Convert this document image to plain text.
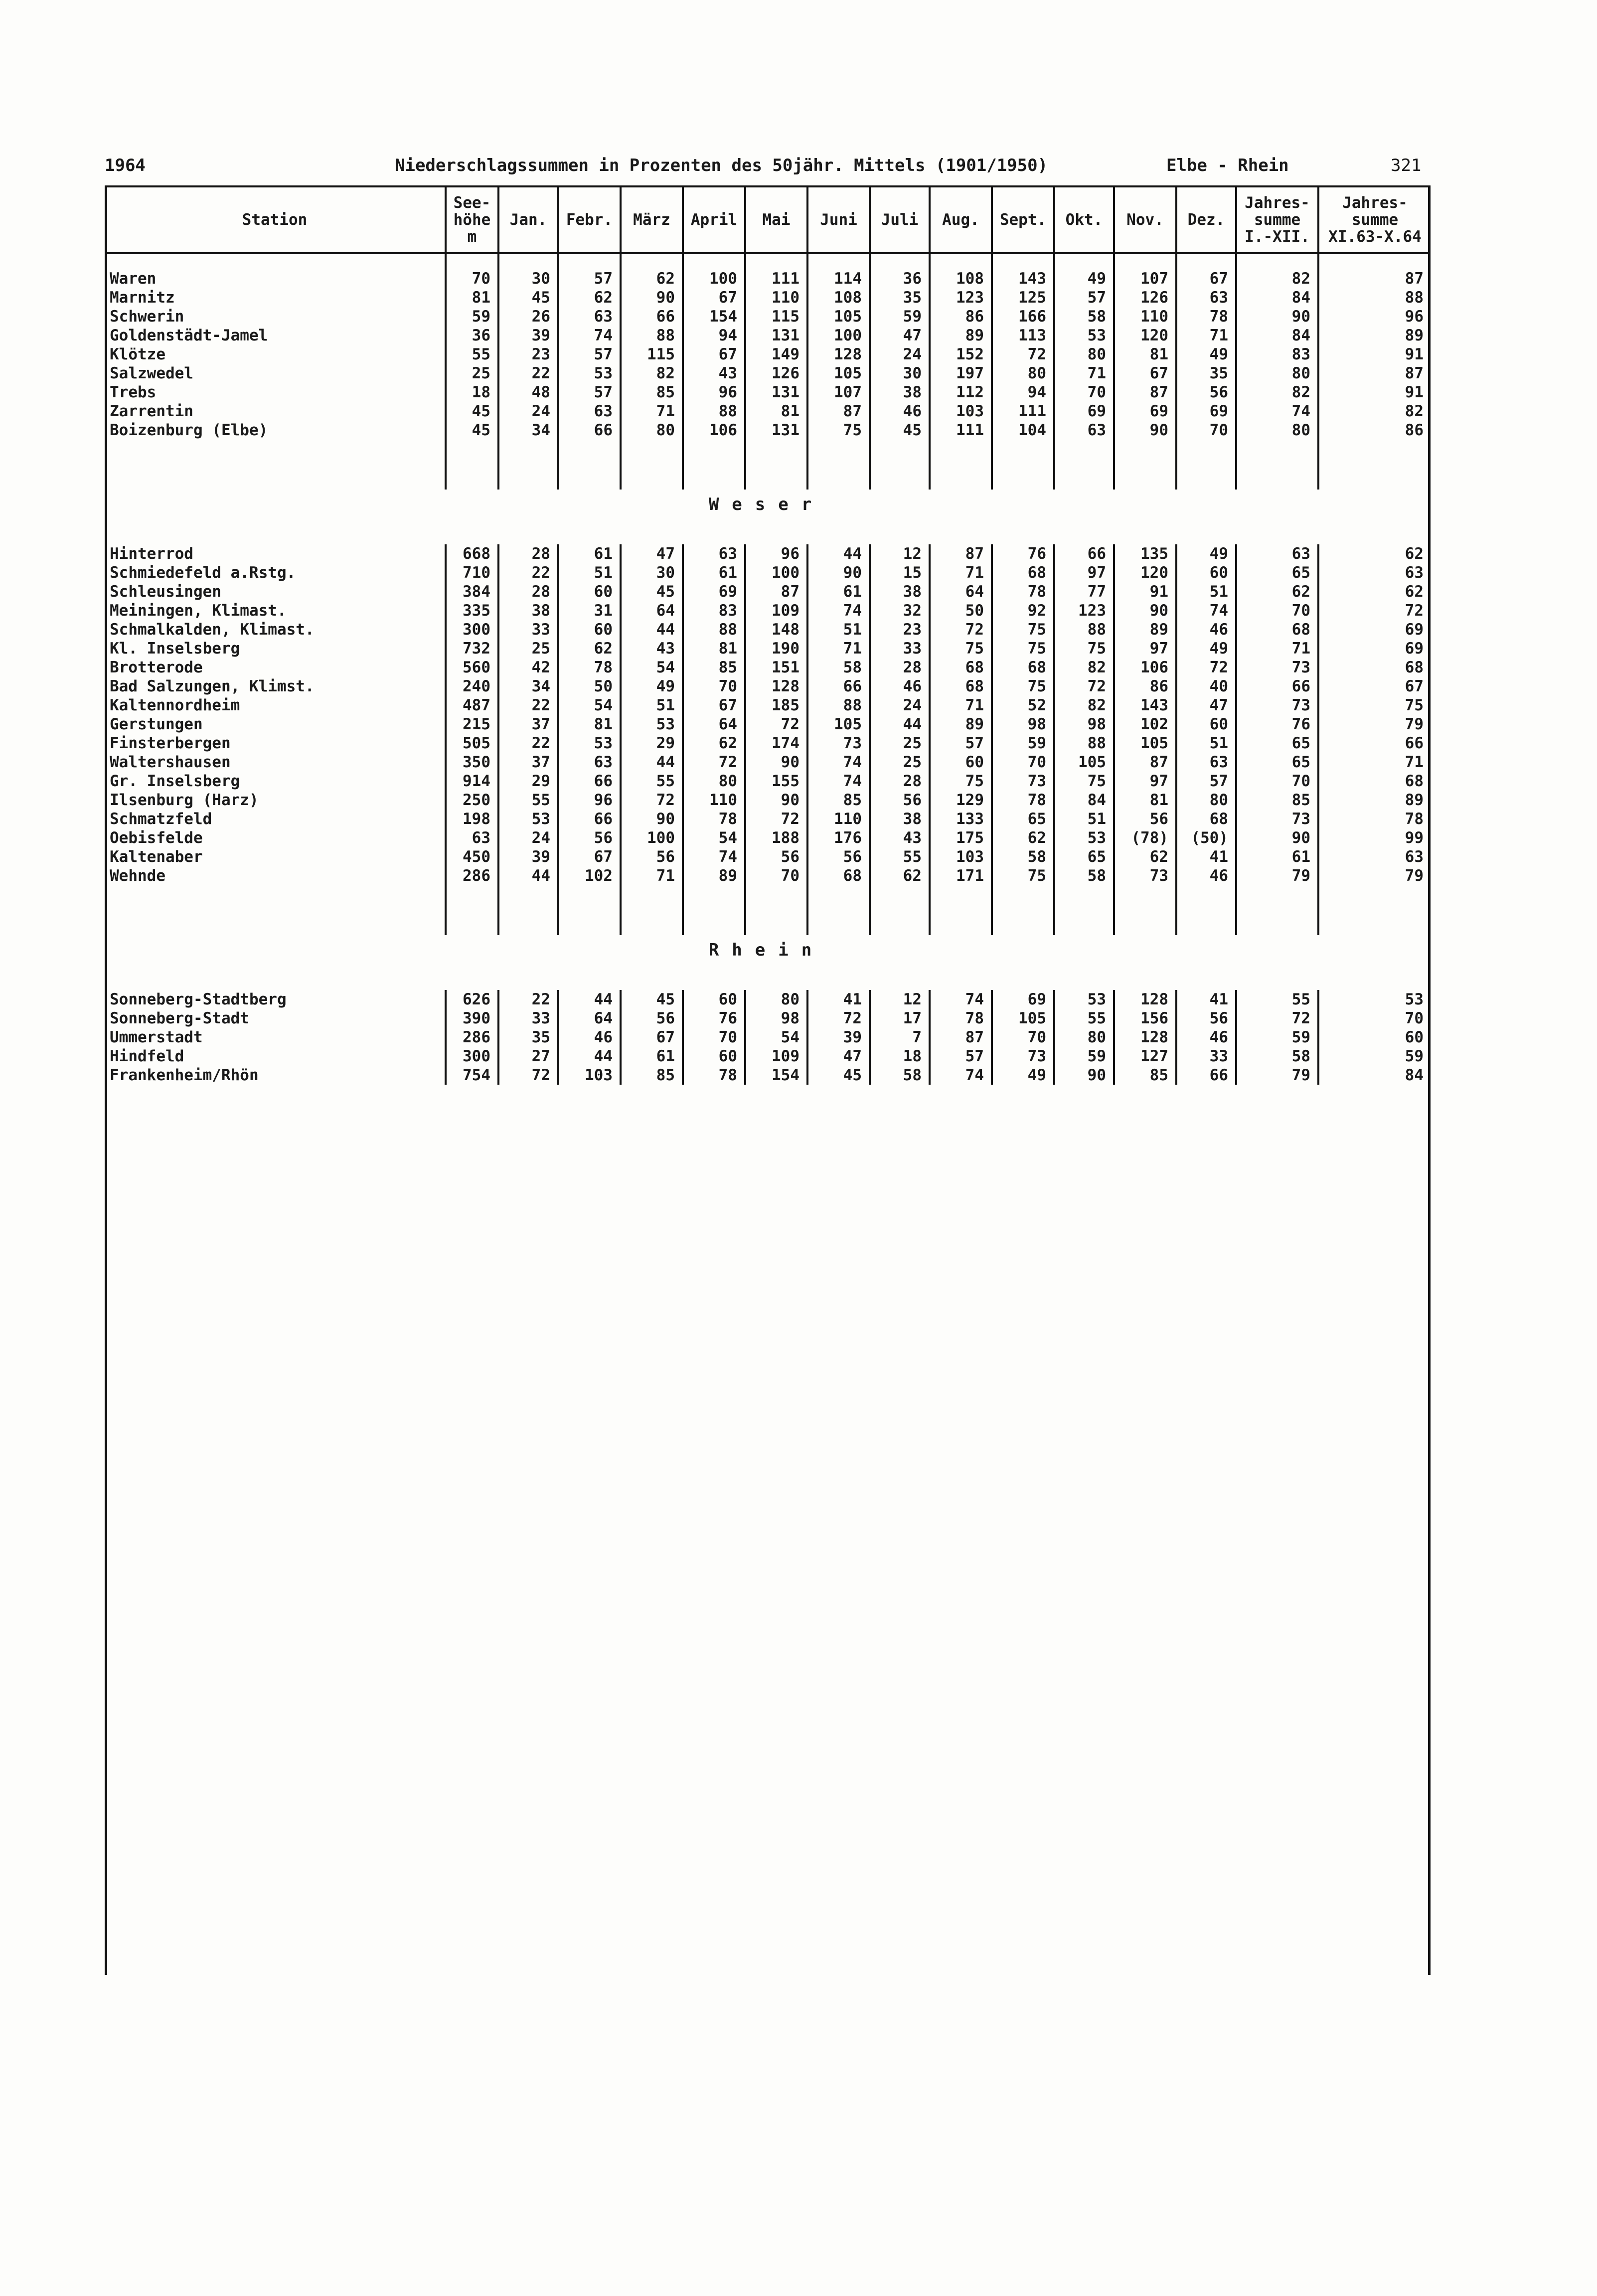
1964	Niederschlagssummen in Prozenten des 50jähr. Mittels (1901/1950)	Elbe - Rhein	321
Station	See-höhe m	Jan.	Febr.	März	April	Mai	Juni	Juli	Aug.	Sept.	Okt.	Nov.	Dez.	Jahres-summe I.-XII.	Jahres-summe XI.63-X.64

Waren	70	30	57	62	100	111	114	36	108	143	49	107	67	82	87
Marnitz	81	45	62	90	67	110	108	35	123	125	57	126	63	84	88
Schwerin	59	26	63	66	154	115	105	59	86	166	58	110	78	90	96
Goldenstädt-Jamel	36	39	74	88	94	131	100	47	89	113	53	120	71	84	89
Klötze	55	23	57	115	67	149	128	24	152	72	80	81	49	83	91
Salzwedel	25	22	53	82	43	126	105	30	197	80	71	67	35	80	87
Trebs	18	48	57	85	96	131	107	38	112	94	70	87	56	82	91
Zarrentin	45	24	63	71	88	81	87	46	103	111	69	69	69	74	82
Boizenburg (Elbe)	45	34	66	80	106	131	75	45	111	104	63	90	70	80	86

Weser															

Hinterrod	668	28	61	47	63	96	44	12	87	76	66	135	49	63	62
Schmiedefeld a.Rstg.	710	22	51	30	61	100	90	15	71	68	97	120	60	65	63
Schleusingen	384	28	60	45	69	87	61	38	64	78	77	91	51	62	62
Meiningen, Klimast.	335	38	31	64	83	109	74	32	50	92	123	90	74	70	72
Schmalkalden, Klimast.	300	33	60	44	88	148	51	23	72	75	88	89	46	68	69
Kl. Inselsberg	732	25	62	43	81	190	71	33	75	75	75	97	49	71	69
Brotterode	560	42	78	54	85	151	58	28	68	68	82	106	72	73	68
Bad Salzungen, Klimst.	240	34	50	49	70	128	66	46	68	75	72	86	40	66	67
Kaltennordheim	487	22	54	51	67	185	88	24	71	52	82	143	47	73	75
Gerstungen	215	37	81	53	64	72	105	44	89	98	98	102	60	76	79
Finsterbergen	505	22	53	29	62	174	73	25	57	59	88	105	51	65	66
Waltershausen	350	37	63	44	72	90	74	25	60	70	105	87	63	65	71
Gr. Inselsberg	914	29	66	55	80	155	74	28	75	73	75	97	57	70	68
Ilsenburg (Harz)	250	55	96	72	110	90	85	56	129	78	84	81	80	85	89
Schmatzfeld	198	53	66	90	78	72	110	38	133	65	51	56	68	73	78
Oebisfelde	63	24	56	100	54	188	176	43	175	62	53	(78)	(50)	90	99
Kaltenaber	450	39	67	56	74	56	56	55	103	58	65	62	41	61	63
Wehnde	286	44	102	71	89	70	68	62	171	75	58	73	46	79	79

Rhein															

Sonneberg-Stadtberg	626	22	44	45	60	80	41	12	74	69	53	128	41	55	53
Sonneberg-Stadt	390	33	64	56	76	98	72	17	78	105	55	156	56	72	70
Ummerstadt	286	35	46	67	70	54	39	7	87	70	80	128	46	59	60
Hindfeld	300	27	44	61	60	109	47	18	57	73	59	127	33	58	59
Frankenheim/Rhön	754	72	103	85	78	154	45	58	74	49	90	85	66	79	84
